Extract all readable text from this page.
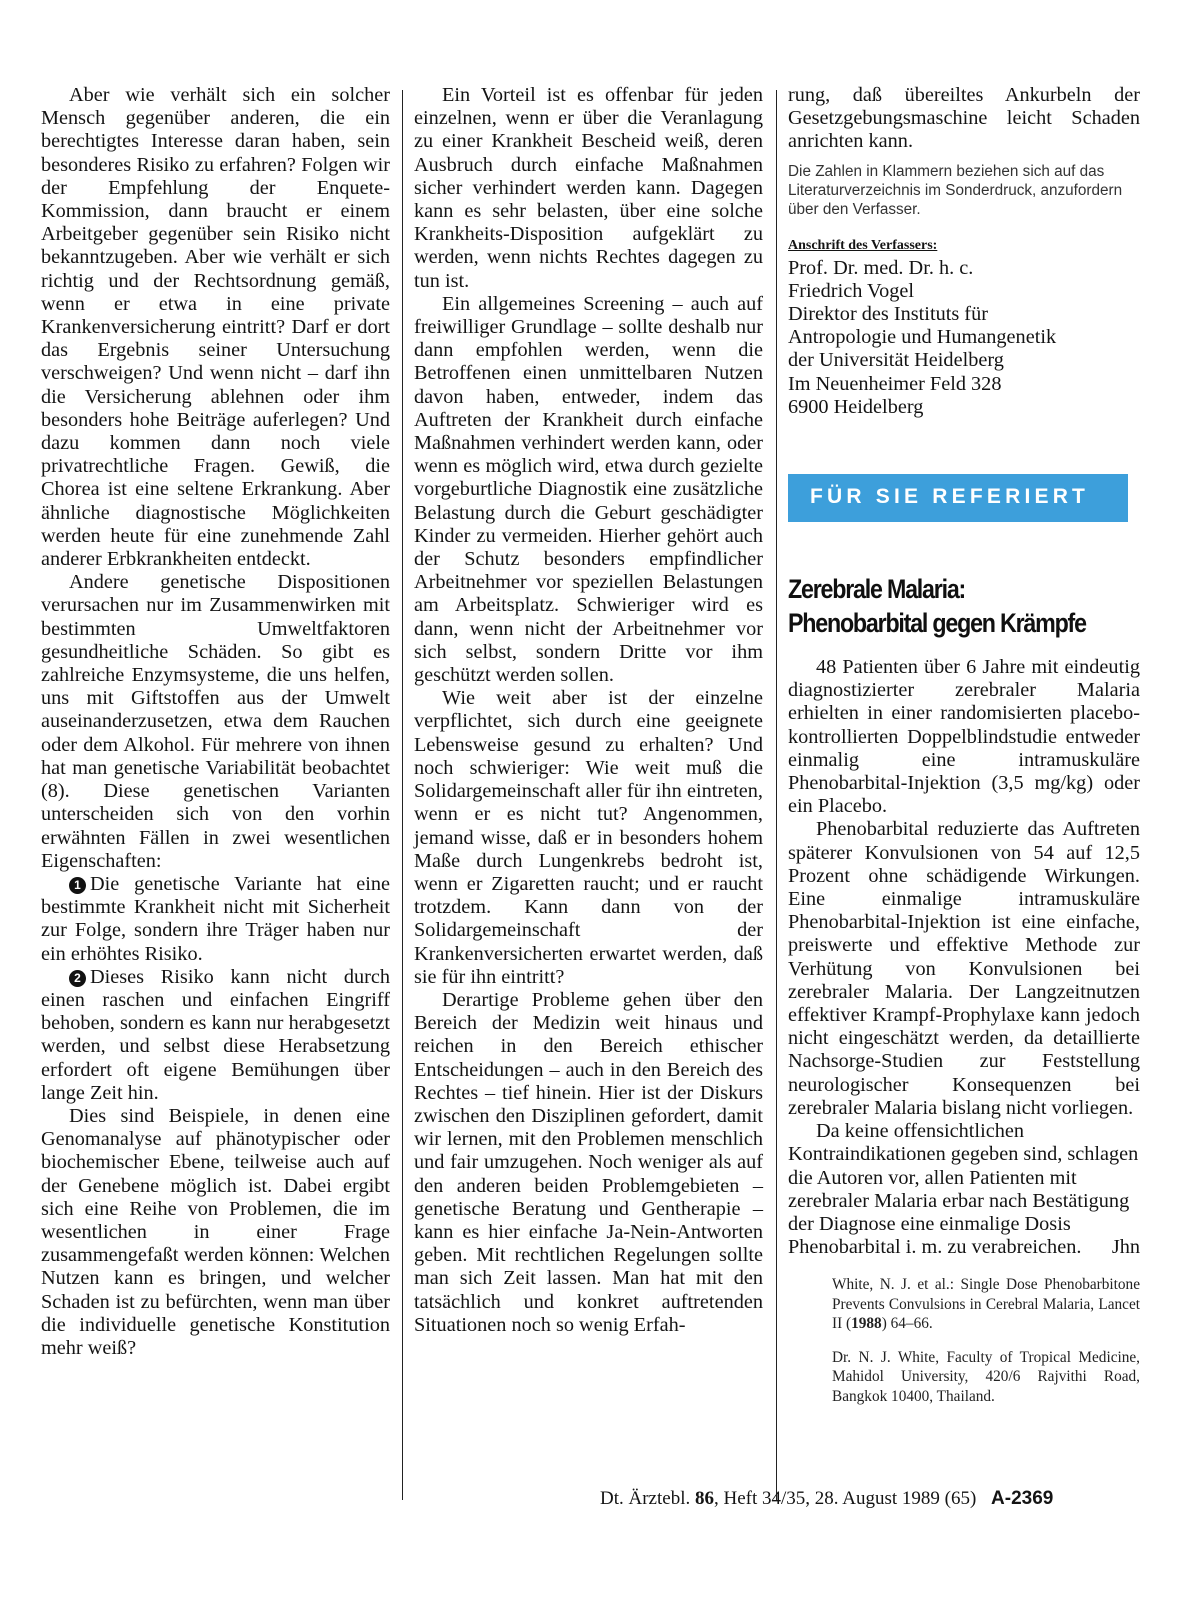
Aber wie verhält sich ein solcher Mensch gegenüber anderen, die ein berechtigtes Interesse daran haben, sein besonderes Risiko zu erfahren? Folgen wir der Empfehlung der Enquete-Kommission, dann braucht er einem Arbeitgeber gegenüber sein Risiko nicht bekanntzugeben. Aber wie verhält er sich richtig und der Rechtsordnung gemäß, wenn er etwa in eine private Krankenversicherung eintritt? Darf er dort das Ergebnis seiner Untersuchung verschweigen? Und wenn nicht – darf ihn die Versicherung ablehnen oder ihm besonders hohe Beiträge auferlegen? Und dazu kommen dann noch viele privatrechtliche Fragen. Gewiß, die Chorea ist eine seltene Erkrankung. Aber ähnliche diagnostische Möglichkeiten werden heute für eine zunehmende Zahl anderer Erbkrankheiten entdeckt.

Andere genetische Dispositionen verursachen nur im Zusammenwirken mit bestimmten Umweltfaktoren gesundheitliche Schäden. So gibt es zahlreiche Enzymsysteme, die uns helfen, uns mit Giftstoffen aus der Umwelt auseinanderzusetzen, etwa dem Rauchen oder dem Alkohol. Für mehrere von ihnen hat man genetische Variabilität beobachtet (8). Diese genetischen Varianten unterscheiden sich von den vorhin erwähnten Fällen in zwei wesentlichen Eigenschaften:

1 Die genetische Variante hat eine bestimmte Krankheit nicht mit Sicherheit zur Folge, sondern ihre Träger haben nur ein erhöhtes Risiko.

2 Dieses Risiko kann nicht durch einen raschen und einfachen Eingriff behoben, sondern es kann nur herabgesetzt werden, und selbst diese Herabsetzung erfordert oft eigene Bemühungen über lange Zeit hin.

Dies sind Beispiele, in denen eine Genomanalyse auf phänotypischer oder biochemischer Ebene, teilweise auch auf der Genebene möglich ist. Dabei ergibt sich eine Reihe von Problemen, die im wesentlichen in einer Frage zusammengefaßt werden können: Welchen Nutzen kann es bringen, und welcher Schaden ist zu befürchten, wenn man über die individuelle genetische Konstitution mehr weiß?

Ein Vorteil ist es offenbar für jeden einzelnen, wenn er über die Veranlagung zu einer Krankheit Bescheid weiß, deren Ausbruch durch einfache Maßnahmen sicher verhindert werden kann. Dagegen kann es sehr belasten, über eine solche Krankheits-Disposition aufgeklärt zu werden, wenn nichts Rechtes dagegen zu tun ist.

Ein allgemeines Screening – auch auf freiwilliger Grundlage – sollte deshalb nur dann empfohlen werden, wenn die Betroffenen einen unmittelbaren Nutzen davon haben, entweder, indem das Auftreten der Krankheit durch einfache Maßnahmen verhindert werden kann, oder wenn es möglich wird, etwa durch gezielte vorgeburtliche Diagnostik eine zusätzliche Belastung durch die Geburt geschädigter Kinder zu vermeiden. Hierher gehört auch der Schutz besonders empfindlicher Arbeitnehmer vor speziellen Belastungen am Arbeitsplatz. Schwieriger wird es dann, wenn nicht der Arbeitnehmer vor sich selbst, sondern Dritte vor ihm geschützt werden sollen.

Wie weit aber ist der einzelne verpflichtet, sich durch eine geeignete Lebensweise gesund zu erhalten? Und noch schwieriger: Wie weit muß die Solidargemeinschaft aller für ihn eintreten, wenn er es nicht tut? Angenommen, jemand wisse, daß er in besonders hohem Maße durch Lungenkrebs bedroht ist, wenn er Zigaretten raucht; und er raucht trotzdem. Kann dann von der Solidargemeinschaft der Krankenversicherten erwartet werden, daß sie für ihn eintritt?

Derartige Probleme gehen über den Bereich der Medizin weit hinaus und reichen in den Bereich ethischer Entscheidungen – auch in den Bereich des Rechtes – tief hinein. Hier ist der Diskurs zwischen den Disziplinen gefordert, damit wir lernen, mit den Problemen menschlich und fair umzugehen. Noch weniger als auf den anderen beiden Problemgebieten – genetische Beratung und Gentherapie – kann es hier einfache Ja-Nein-Antworten geben. Mit rechtlichen Regelungen sollte man sich Zeit lassen. Man hat mit den tatsächlich und konkret auftretenden Situationen noch so wenig Erfah-

rung, daß übereiltes Ankurbeln der Gesetzgebungsmaschine leicht Schaden anrichten kann.

Die Zahlen in Klammern beziehen sich auf das Literaturverzeichnis im Sonderdruck, anzufordern über den Verfasser.

Anschrift des Verfassers:
Prof. Dr. med. Dr. h. c.
Friedrich Vogel
Direktor des Instituts für
Antropologie und Humangenetik
der Universität Heidelberg
Im Neuenheimer Feld 328
6900 Heidelberg
FÜR SIE REFERIERT
Zerebrale Malaria:
Phenobarbital gegen Krämpfe

48 Patienten über 6 Jahre mit eindeutig diagnostizierter zerebraler Malaria erhielten in einer randomisierten placebo-kontrollierten Doppelblindstudie entweder einmalig eine intramuskuläre Phenobarbital-Injektion (3,5 mg/kg) oder ein Placebo.

Phenobarbital reduzierte das Auftreten späterer Konvulsionen von 54 auf 12,5 Prozent ohne schädigende Wirkungen. Eine einmalige intramuskuläre Phenobarbital-Injektion ist eine einfache, preiswerte und effektive Methode zur Verhütung von Konvulsionen bei zerebraler Malaria. Der Langzeitnutzen effektiver Krampf-Prophylaxe kann jedoch nicht eingeschätzt werden, da detaillierte Nachsorge-Studien zur Feststellung neurologischer Konsequenzen bei zerebraler Malaria bislang nicht vorliegen.

Da keine offensichtlichen Kontraindikationen gegeben sind, schlagen die Autoren vor, allen Patienten mit zerebraler Malaria erbar nach Bestätigung der Diagnose eine einmalige Dosis Phenobarbital i. m. zu verabreichen.	Jhn

White, N. J. et al.: Single Dose Phenobarbitone Prevents Convulsions in Cerebral Malaria, Lancet II (1988) 64–66.

Dr. N. J. White, Faculty of Tropical Medicine, Mahidol University, 420/6 Rajvithi Road, Bangkok 10400, Thailand.

Dt. Ärztebl. 86, Heft 34/35, 28. August 1989 (65) A-2369
